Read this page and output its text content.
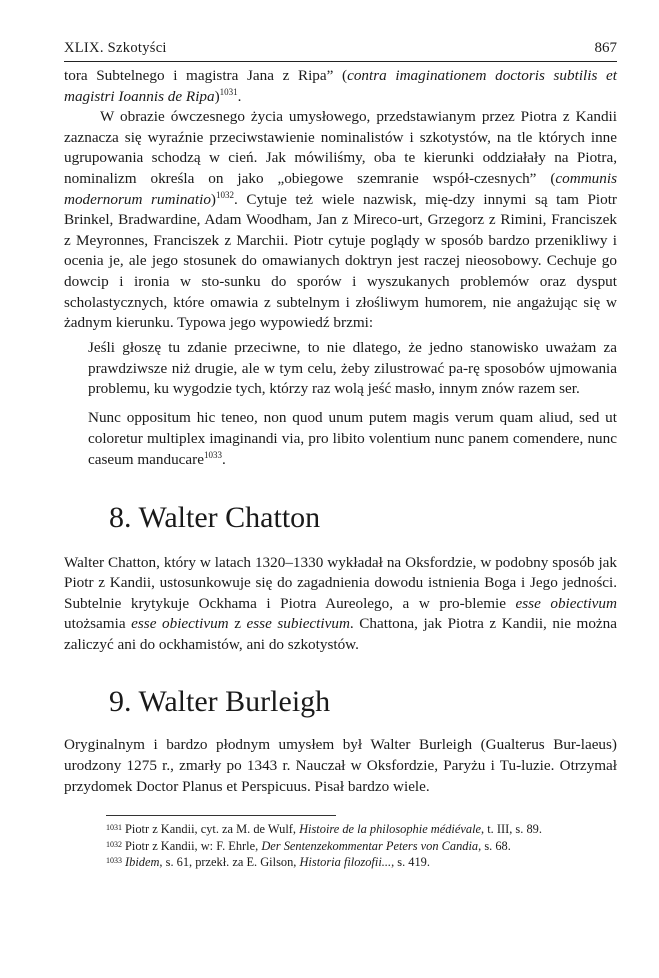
XLIX. Szkotyści	867

tora Subtelnego i magistra Jana z Ripa” (contra imaginationem doctoris subtilis et magistri Ioannis de Ripa)$^{1031}$.

W obrazie ówczesnego życia umysłowego, przedstawianym przez Piotra z Kandii zaznacza się wyraźnie przeciwstawienie nominalistów i szkotystów, na tle których inne ugrupowania schodzą w cień. Jak mówiliśmy, oba te kierunki oddziałały na Piotra, nominalizm określa on jako „obiegowe szemranie współ-czesnych” (communis modernorum ruminatio)$^{1032}$. Cytuje też wiele nazwisk, mię-dzy innymi są tam Piotr Brinkel, Bradwardine, Adam Woodham, Jan z Mireco-urt, Grzegorz z Rimini, Franciszek z Meyronnes, Franciszek z Marchii. Piotr cytuje poglądy w sposób bardzo przenikliwy i ocenia je, ale jego stosunek do omawianych doktryn jest raczej nieosobowy. Cechuje go dowcip i ironia w sto-sunku do sporów i wyszukanych problemów oraz dysput scholastycznych, które omawia z subtelnym i złośliwym humorem, nie angażując się w żadnym kierunku. Typowa jego wypowiedź brzmi:

Jeśli głoszę tu zdanie przeciwne, to nie dlatego, że jedno stanowisko uważam za prawdziwsze niż drugie, ale w tym celu, żeby zilustrować pa-rę sposobów ujmowania problemu, ku wygodzie tych, którzy raz wolą jeść masło, innym znów razem ser.

Nunc oppositum hic teneo, non quod unum putem magis verum quam aliud, sed ut coloretur multiplex imaginandi via, pro libito volentium nunc panem comendere, nunc caseum manducare$^{1033}$.

8. Walter Chatton

Walter Chatton, który w latach 1320–1330 wykładał na Oksfordzie, w podobny sposób jak Piotr z Kandii, ustosunkowuje się do zagadnienia dowodu istnienia Boga i Jego jedności. Subtelnie krytykuje Ockhama i Piotra Aureolego, a w pro-blemie esse obiectivum utożsamia esse obiectivum z esse subiectivum. Chattona, jak Piotra z Kandii, nie można zaliczyć ani do ockhamistów, ani do szkotystów.

9. Walter Burleigh

Oryginalnym i bardzo płodnym umysłem był Walter Burleigh (Gualterus Bur-laeus) urodzony 1275 r., zmarły po 1343 r. Nauczał w Oksfordzie, Paryżu i Tu-luzie. Otrzymał przydomek Doctor Planus et Perspicuus. Pisał bardzo wiele.

$^{1031}$ Piotr z Kandii, cyt. za M. de Wulf, Histoire de la philosophie médiévale, t. III, s. 89.

$^{1032}$ Piotr z Kandii, w: F. Ehrle, Der Sentenzekommentar Peters von Candia, s. 68.

$^{1033}$ Ibidem, s. 61, przekł. za E. Gilson, Historia filozofii..., s. 419.
